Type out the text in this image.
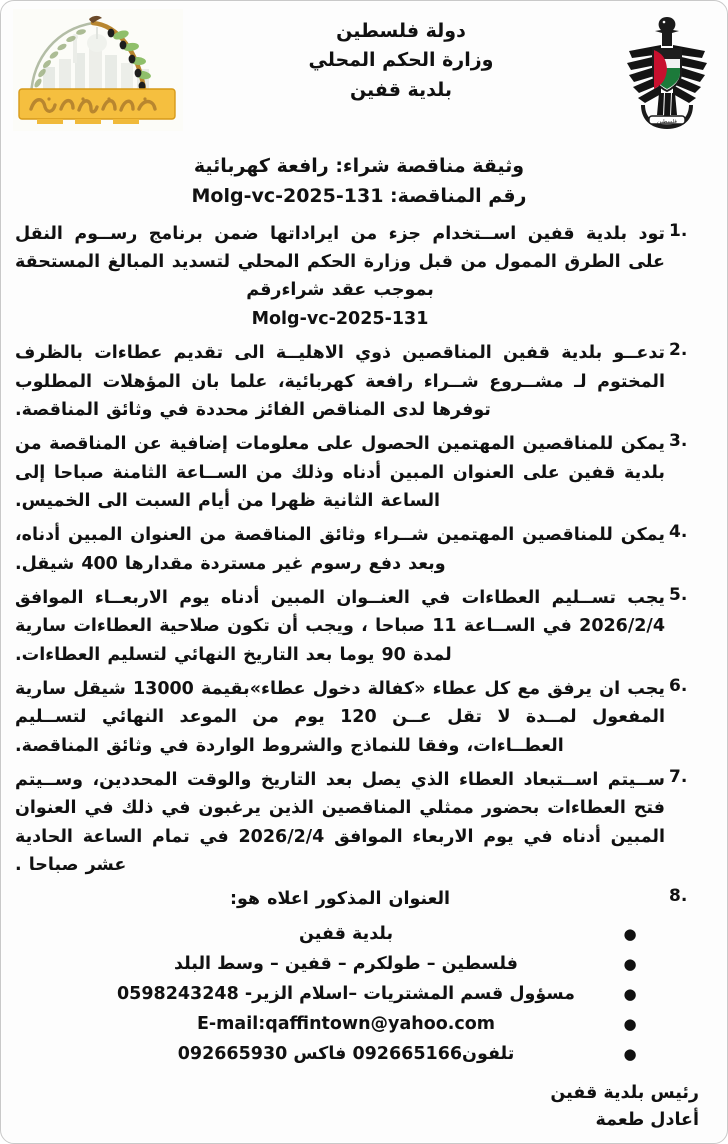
فلسطين
دولة فلسطين
وزارة الحكم المحلي
بلدية قفين
وثيقة مناقصة شراء: رافعة كهربائية
رقم المناقصة: Molg-vc-2025-131
1.
تود بلدية قفين اســتخدام جزء من ايراداتها ضمن برنامج رســوم النقل على الطرق الممول من قبل وزارة الحكم المحلي لتسديد المبالغ المستحقة بموجب عقد شراءرقم
Molg-vc-2025-131
2.
تدعــو بلدية قفين المناقصين ذوي الاهليــة الى تقديم عطاءات بالظرف المختوم لـ مشــروع شــراء رافعة كهربائية، علما بان المؤهلات المطلوب توفرها لدى المناقص الفائز محددة في وثائق المناقصة.
3.
يمكن للمناقصين المهتمين الحصول على معلومات إضافية عن المناقصة من بلدية قفين على العنوان المبين أدناه وذلك من الســاعة الثامنة صباحا إلى الساعة الثانية ظهرا من أيام السبت الى الخميس.
4.
يمكن للمناقصين المهتمين شــراء وثائق المناقصة من العنوان المبين أدناه، وبعد دفع رسوم غير مستردة مقدارها 400 شيقل.
5.
يجب تســليم العطاءات في العنــوان المبين أدناه يوم الاربعــاء الموافق 2026/2/4 في الســاعة 11 صباحا ، ويجب أن تكون صلاحية العطاءات سارية لمدة 90 يوما بعد التاريخ النهائي لتسليم العطاءات.
6.
يجب ان يرفق مع كل عطاء «كفالة دخول عطاء»بقيمة 13000 شيقل سارية المفعول لمــدة لا تقل عــن 120 يوم من الموعد النهائي لتســليم العطــاءات، وفقا للنماذج والشروط الواردة في وثائق المناقصة.
7.
ســيتم اســتبعاد العطاء الذي يصل بعد التاريخ والوقت المحددين، وســيتم فتح العطاءات بحضور ممثلي المناقصين الذين يرغبون في ذلك في العنوان المبين أدناه في يوم الاربعاء الموافق 2026/2/4 في تمام الساعة الحادية عشر صباحا .
8.
العنوان المذكور اعلاه هو:
●
بلدية قفين
●
فلسطين – طولكرم – قفين – وسط البلد
●
مسؤول قسم المشتريات –اسلام الزير- 0598243248
●
E-mail:qaffintown@yahoo.com
●
تلفون092665166 فاكس 092665930
رئيس بلدية قفين
أعادل طعمة
